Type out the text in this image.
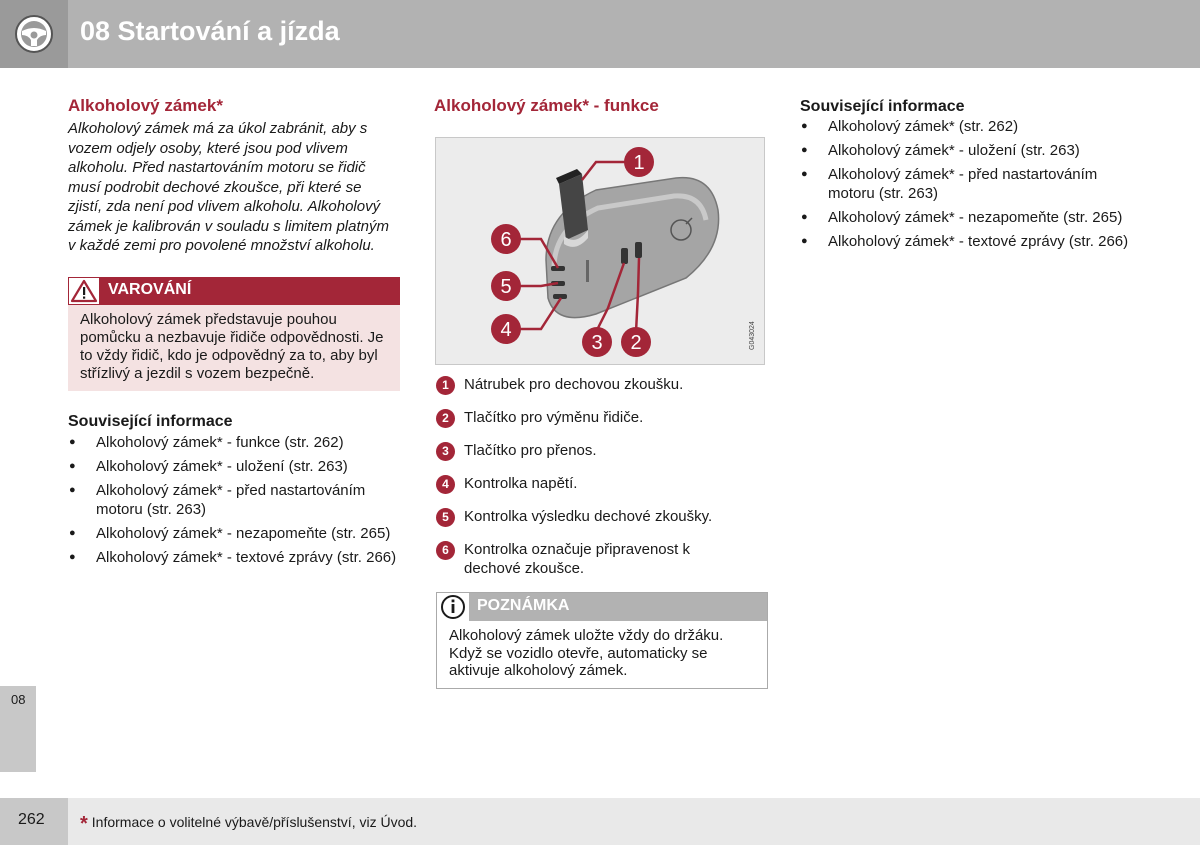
08 Startování a jízda
Alkoholový zámek*
Alkoholový zámek má za úkol zabránit, aby s vozem odjely osoby, které jsou pod vlivem alkoholu. Před nastartováním motoru se řidič musí podrobit dechové zkoušce, při které se zjistí, zda není pod vlivem alkoholu. Alkoholový zámek je kalibrován v souladu s limitem platným v každé zemi pro povolené množství alkoholu.
VAROVÁNÍ
Alkoholový zámek představuje pouhou pomůcku a nezbavuje řidiče odpovědnosti. Je to vždy řidič, kdo je odpovědný za to, aby byl střízlivý a jezdil s vozem bezpečně.
Související informace
● Alkoholový zámek* - funkce (str. 262)
● Alkoholový zámek* - uložení (str. 263)
● Alkoholový zámek* - před nastartováním motoru (str. 263)
● Alkoholový zámek* - nezapomeňte (str. 265)
● Alkoholový zámek* - textové zprávy (str. 266)
Alkoholový zámek* - funkce
1
6
5
4
3 2	G043024
1	Nátrubek pro dechovou zkoušku.
2	Tlačítko pro výměnu řidiče.
3	Tlačítko pro přenos.
4	Kontrolka napětí.
5	Kontrolka výsledku dechové zkoušky.
6	Kontrolka označuje připravenost k dechové zkoušce.
POZNÁMKA
Alkoholový zámek uložte vždy do držáku. Když se vozidlo otevře, automaticky se aktivuje alkoholový zámek.
Související informace
● Alkoholový zámek* (str. 262)
● Alkoholový zámek* - uložení (str. 263)
● Alkoholový zámek* - před nastartováním motoru (str. 263)
● Alkoholový zámek* - nezapomeňte (str. 265)
● Alkoholový zámek* - textové zprávy (str. 266)
08
262 * Informace o volitelné výbavě/příslušenství, viz Úvod.
